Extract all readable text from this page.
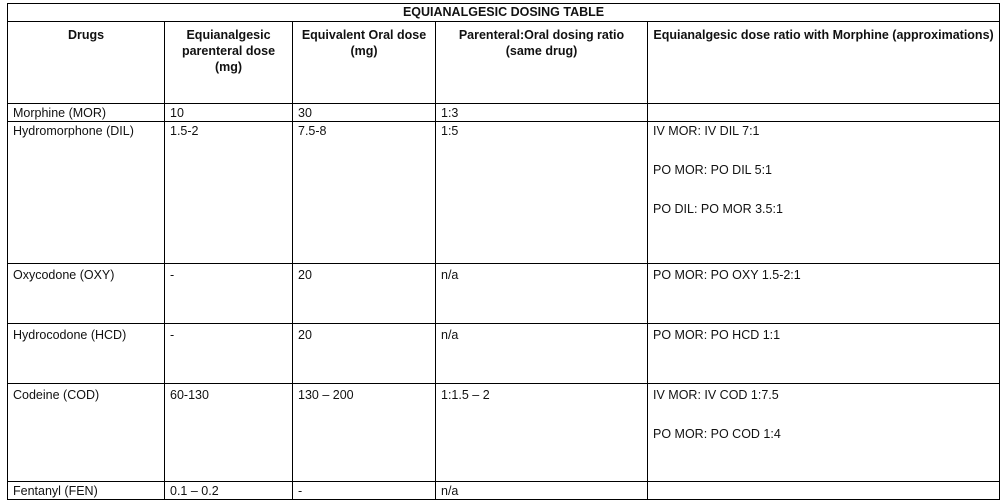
EQUIANALGESIC DOSING TABLE				
Drugs	Equianalgesic parenteral dose (mg)	Equivalent Oral dose (mg)	Parenteral:Oral dosing ratio (same drug)	Equianalgesic dose ratio with Morphine (approximations)
Morphine (MOR)	10	30	1:3	
Hydromorphone (DIL)	1.5-2	7.5-8	1:5	IV MOR: IV DIL 7:1
PO MOR: PO DIL 5:1
PO DIL: PO MOR 3.5:1

Oxycodone (OXY)	-	20	n/a	PO MOR: PO OXY 1.5-2:1

Hydrocodone (HCD)	-	20	n/a	PO MOR: PO HCD 1:1

Codeine (COD)	60-130	130 – 200	1:1.5 – 2	IV MOR: IV COD 1:7.5
PO MOR: PO COD 1:4

Fentanyl (FEN)	0.1 – 0.2	-	n/a	
